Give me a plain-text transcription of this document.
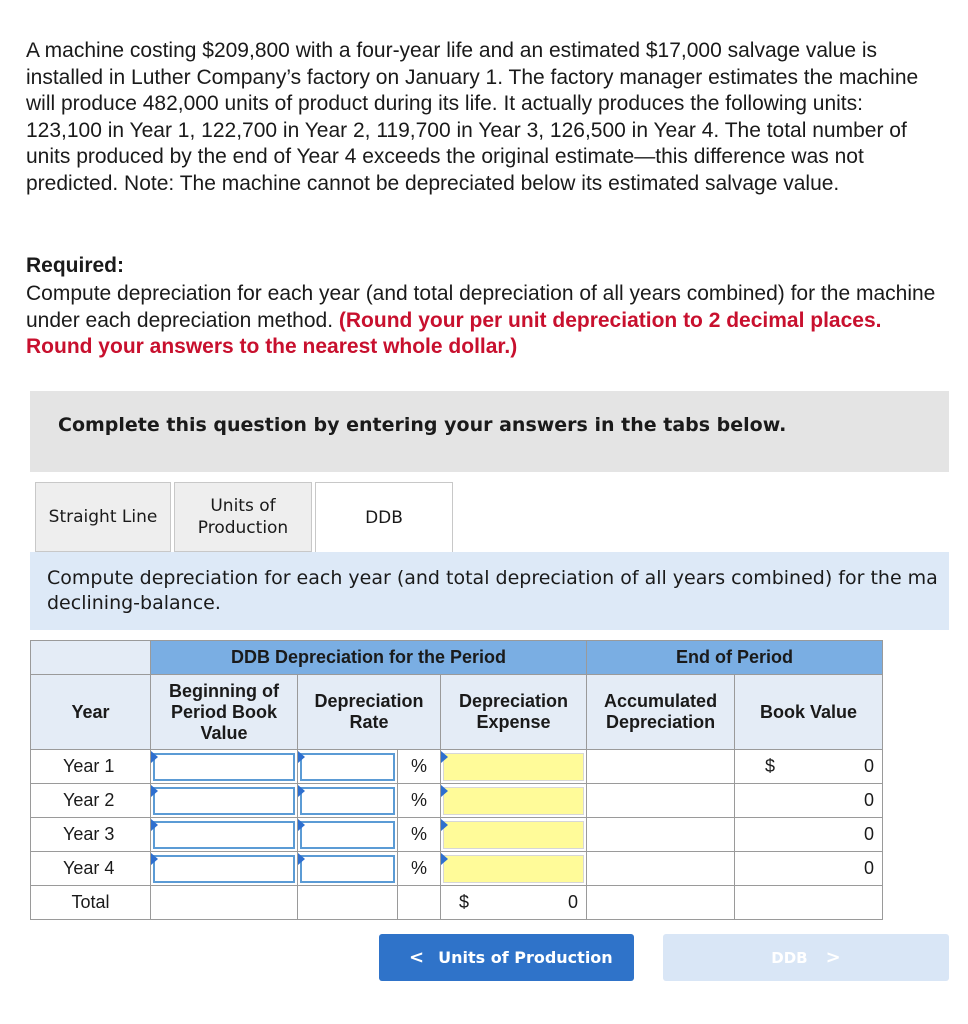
A machine costing $209,800 with a four-year life and an estimated $17,000 salvage value is installed in Luther Company’s factory on January 1. The factory manager estimates the machine will produce 482,000 units of product during its life. It actually produces the following units: 123,100 in Year 1, 122,700 in Year 2, 119,700 in Year 3, 126,500 in Year 4. The total number of units produced by the end of Year 4 exceeds the original estimate—this difference was not predicted. Note: The machine cannot be depreciated below its estimated salvage value.

Required:

Compute depreciation for each year (and total depreciation of all years combined) for the machine under each depreciation method. (Round your per unit depreciation to 2 decimal places. Round your answers to the nearest whole dollar.)

Complete this question by entering your answers in the tabs below.
Straight Line
Units of Production	DDB

Compute depreciation for each year (and total depreciation of all years combined) for the ma declining-balance.

	DDB Depreciation for the Period				End of Period	
Year	Beginning of Period Book Value	Depreciation Rate		Depreciation Expense	Accumulated Depreciation	Book Value
Year 1			%			$ 0

Year 2			%			0
Year 3			%			0
Year 4			%			0
Total				$ 0		

< Units of Production	DDB >
